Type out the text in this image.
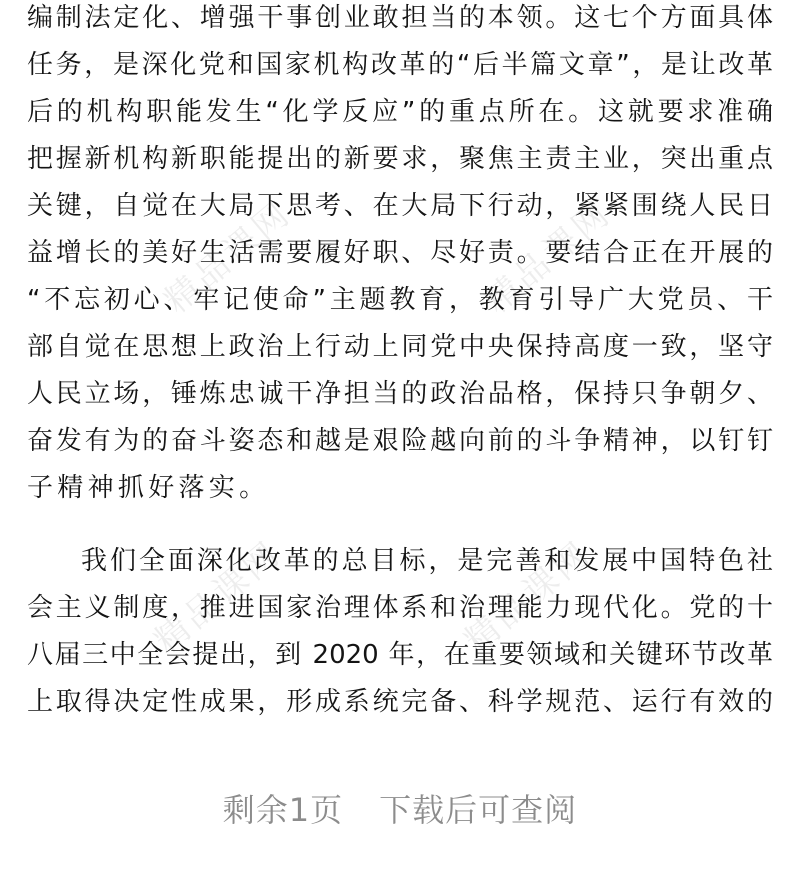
精品课网	精品课网
精品课网	精品课网
编制法定化、增强干事创业敢担当的本领。这七个方面具体
任务，是深化党和国家机构改革的“后半篇文章”，是让改革
后的机构职能发生“化学反应”的重点所在。这就要求准确
把握新机构新职能提出的新要求，聚焦主责主业，突出重点
关键，自觉在大局下思考、在大局下行动，紧紧围绕人民日
益增长的美好生活需要履好职、尽好责。要结合正在开展的
“不忘初心、牢记使命”主题教育，教育引导广大党员、干
部自觉在思想上政治上行动上同党中央保持高度一致，坚守
人民立场，锤炼忠诚干净担当的政治品格，保持只争朝夕、
奋发有为的奋斗姿态和越是艰险越向前的斗争精神，以钉钉
子精神抓好落实。
我们全面深化改革的总目标，是完善和发展中国特色社
会主义制度，推进国家治理体系和治理能力现代化。党的十
八届三中全会提出，到 2020 年，在重要领域和关键环节改革
上取得决定性成果，形成系统完备、科学规范、运行有效的
剩余1页 下载后可查阅
